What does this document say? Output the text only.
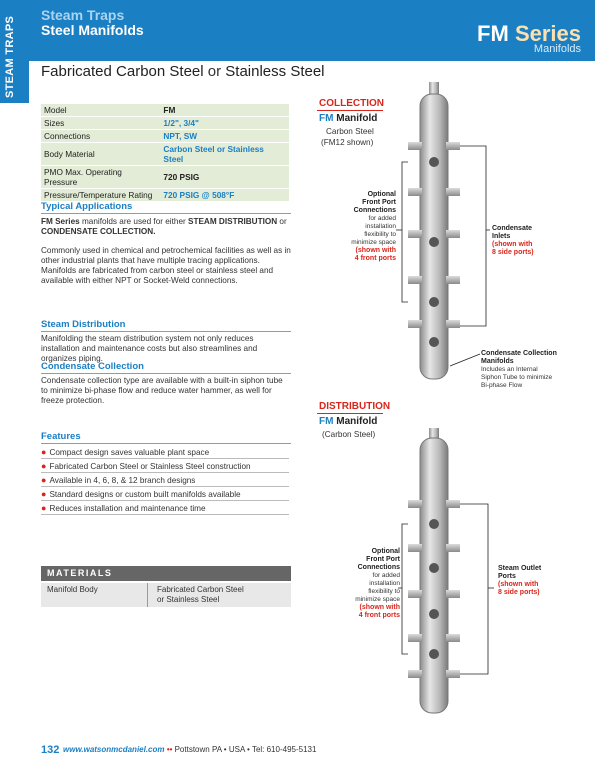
STEAM TRAPS
Steam Traps
Steel Manifolds	FM Series
Manifolds
Fabricated Carbon Steel or Stainless Steel
Model	FM
Sizes	1/2", 3/4"
Connections	NPT, SW
Body Material	Carbon Steel or Stainless Steel
PMO Max. Operating Pressure	720 PSIG
Pressure/Temperature Rating	720 PSIG @ 508°F
Typical Applications
FM Series manifolds are used for either STEAM DISTRIBUTION or CONDENSATE COLLECTION.
Commonly used in chemical and petrochemical facilities as well as in other industrial plants that have multiple tracing applications. Manifolds are fabricated from carbon steel or stainless steel and available with either NPT or Socket-Weld connections.
Steam Distribution
Manifolding the steam distribution system not only reduces installation and maintenance costs but also streamlines and organizes piping.
Condensate Collection
Condensate collection type are available with a built-in siphon tube to minimize bi-phase flow and reduce water hammer, as well for freeze protection.
Features
● Compact design saves valuable plant space
● Fabricated Carbon Steel or Stainless Steel construction
● Available in 4, 6, 8, & 12 branch designs
● Standard designs or custom built manifolds available
● Reduces installation and maintenance time
MATERIALS
Manifold Body	Fabricated Carbon Steel
or Stainless Steel
COLLECTION
FM Manifold
Carbon Steel
(FM12 shown)
Optional
Front Port
Connections
for added installation
flexibility to
minimize space
(shown with
4 front ports
Condensate
Inlets
(shown with
8 side ports)
Condensate Collection
Manifolds
Includes an Internal
Siphon Tube to minimize
Bi-phase Flow
DISTRIBUTION
FM Manifold
(Carbon Steel)
Optional
Front Port
Connections
for added installation
flexibility to
minimize space
(shown with
4 front ports
Steam Outlet
Ports
(shown with
8 side ports)
132 www.watsonmcdaniel.com •• Pottstown PA • USA • Tel: 610-495-5131
